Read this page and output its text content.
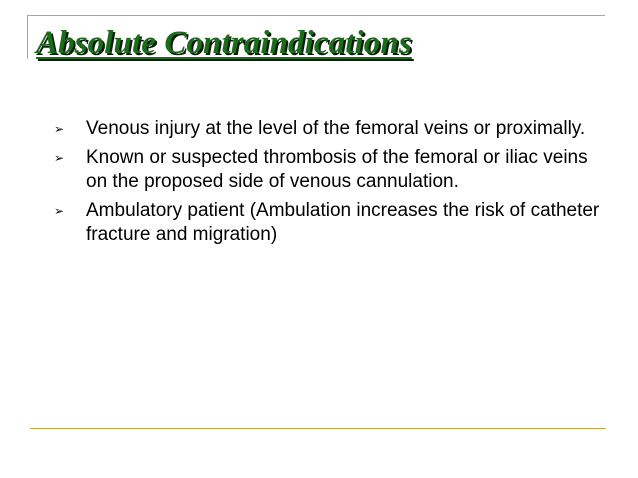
Absolute Contraindications
➢ Venous injury at the level of the femoral veins or proximally.
➢ Known or suspected thrombosis of the femoral or iliac veins on the proposed side of venous cannulation.
➢ Ambulatory patient (Ambulation increases the risk of catheter fracture and migration)
